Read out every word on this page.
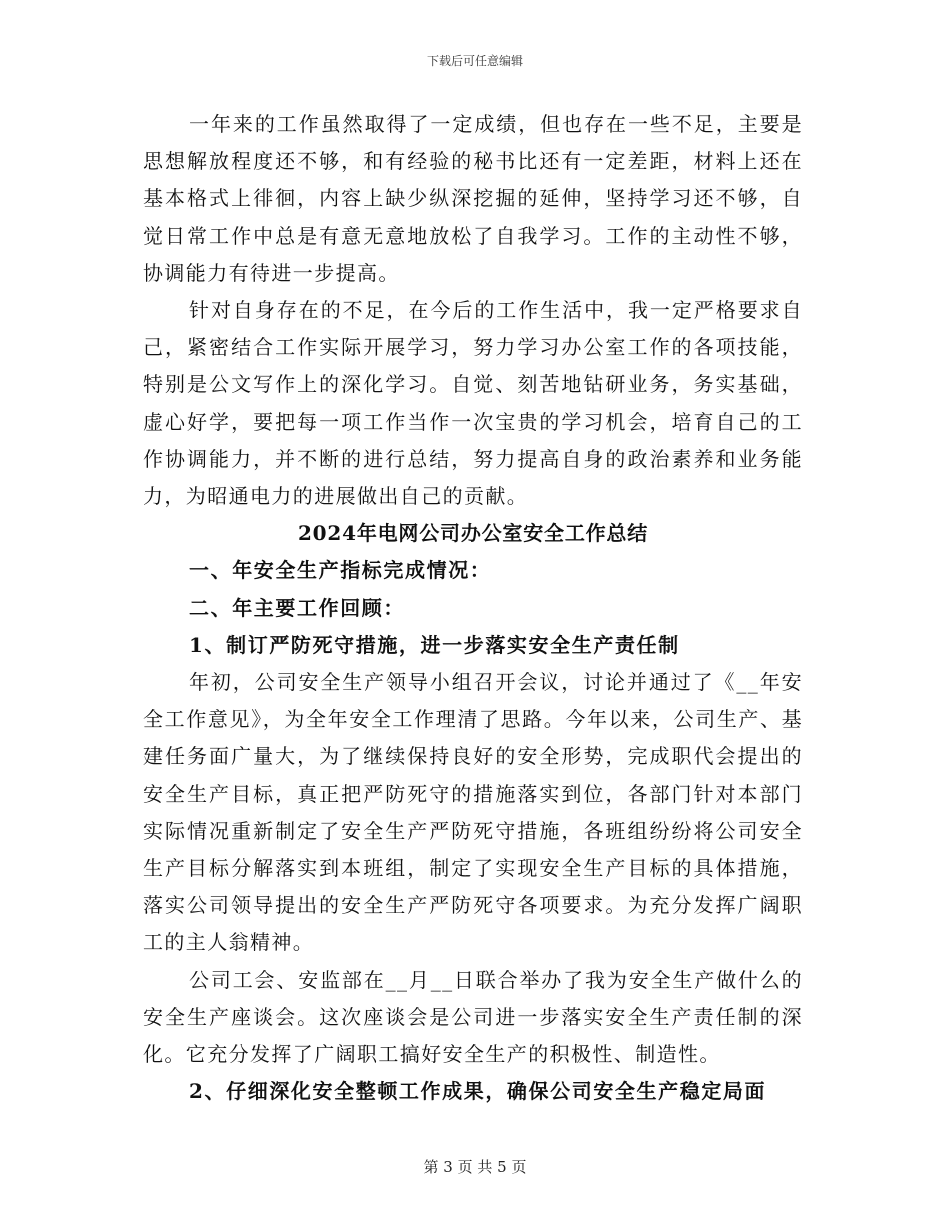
下载后可任意编辑

一年来的工作虽然取得了一定成绩，但也存在一些不足，主要是思想解放程度还不够，和有经验的秘书比还有一定差距，材料上还在基本格式上徘徊，内容上缺少纵深挖掘的延伸，坚持学习还不够，自觉日常工作中总是有意无意地放松了自我学习。工作的主动性不够，协调能力有待进一步提高。

针对自身存在的不足，在今后的工作生活中，我一定严格要求自己，紧密结合工作实际开展学习，努力学习办公室工作的各项技能，特别是公文写作上的深化学习。自觉、刻苦地钻研业务，务实基础，虚心好学，要把每一项工作当作一次宝贵的学习机会，培育自己的工作协调能力，并不断的进行总结，努力提高自身的政治素养和业务能力，为昭通电力的进展做出自己的贡献。

2024年电网公司办公室安全工作总结
一、年安全生产指标完成情况：
二、年主要工作回顾：
1、制订严防死守措施，进一步落实安全生产责任制

年初，公司安全生产领导小组召开会议，讨论并通过了《__年安全工作意见》，为全年安全工作理清了思路。今年以来，公司生产、基建任务面广量大，为了继续保持良好的安全形势，完成职代会提出的安全生产目标，真正把严防死守的措施落实到位，各部门针对本部门实际情况重新制定了安全生产严防死守措施，各班组纷纷将公司安全生产目标分解落实到本班组，制定了实现安全生产目标的具体措施，落实公司领导提出的安全生产严防死守各项要求。为充分发挥广阔职工的主人翁精神。

公司工会、安监部在__月__日联合举办了我为安全生产做什么的安全生产座谈会。这次座谈会是公司进一步落实安全生产责任制的深化。它充分发挥了广阔职工搞好安全生产的积极性、制造性。

2、仔细深化安全整顿工作成果，确保公司安全生产稳定局面
第 3 页 共 5 页
